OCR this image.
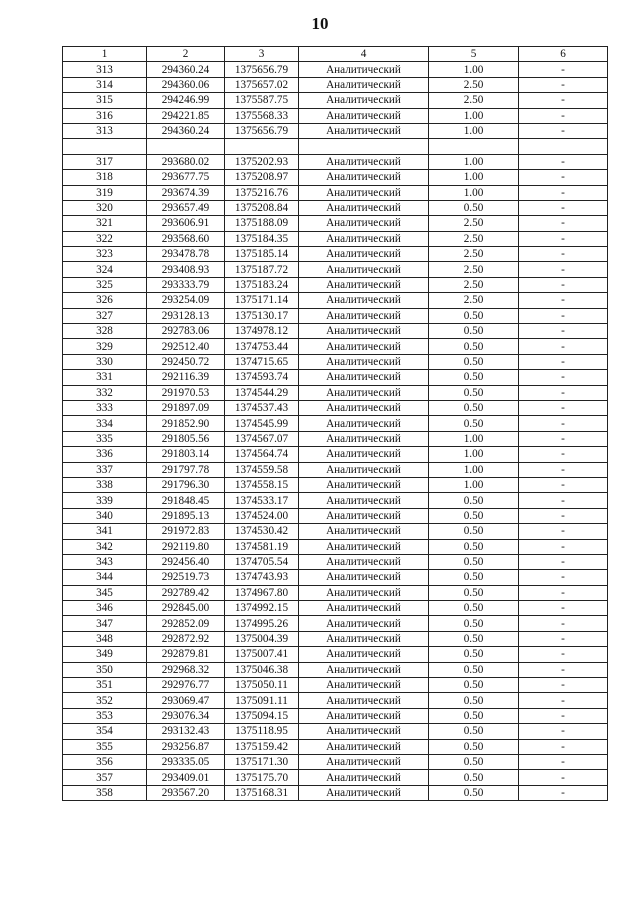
10
1	2	3	4	5	6
313	294360.24	1375656.79	Аналитический	1.00	-
314	294360.06	1375657.02	Аналитический	2.50	-
315	294246.99	1375587.75	Аналитический	2.50	-
316	294221.85	1375568.33	Аналитический	1.00	-
313	294360.24	1375656.79	Аналитический	1.00	-

317	293680.02	1375202.93	Аналитический	1.00	-
318	293677.75	1375208.97	Аналитический	1.00	-
319	293674.39	1375216.76	Аналитический	1.00	-
320	293657.49	1375208.84	Аналитический	0.50	-
321	293606.91	1375188.09	Аналитический	2.50	-
322	293568.60	1375184.35	Аналитический	2.50	-
323	293478.78	1375185.14	Аналитический	2.50	-
324	293408.93	1375187.72	Аналитический	2.50	-
325	293333.79	1375183.24	Аналитический	2.50	-
326	293254.09	1375171.14	Аналитический	2.50	-
327	293128.13	1375130.17	Аналитический	0.50	-
328	292783.06	1374978.12	Аналитический	0.50	-
329	292512.40	1374753.44	Аналитический	0.50	-
330	292450.72	1374715.65	Аналитический	0.50	-
331	292116.39	1374593.74	Аналитический	0.50	-
332	291970.53	1374544.29	Аналитический	0.50	-
333	291897.09	1374537.43	Аналитический	0.50	-
334	291852.90	1374545.99	Аналитический	0.50	-
335	291805.56	1374567.07	Аналитический	1.00	-
336	291803.14	1374564.74	Аналитический	1.00	-
337	291797.78	1374559.58	Аналитический	1.00	-
338	291796.30	1374558.15	Аналитический	1.00	-
339	291848.45	1374533.17	Аналитический	0.50	-
340	291895.13	1374524.00	Аналитический	0.50	-
341	291972.83	1374530.42	Аналитический	0.50	-
342	292119.80	1374581.19	Аналитический	0.50	-
343	292456.40	1374705.54	Аналитический	0.50	-
344	292519.73	1374743.93	Аналитический	0.50	-
345	292789.42	1374967.80	Аналитический	0.50	-
346	292845.00	1374992.15	Аналитический	0.50	-
347	292852.09	1374995.26	Аналитический	0.50	-
348	292872.92	1375004.39	Аналитический	0.50	-
349	292879.81	1375007.41	Аналитический	0.50	-
350	292968.32	1375046.38	Аналитический	0.50	-
351	292976.77	1375050.11	Аналитический	0.50	-
352	293069.47	1375091.11	Аналитический	0.50	-
353	293076.34	1375094.15	Аналитический	0.50	-
354	293132.43	1375118.95	Аналитический	0.50	-
355	293256.87	1375159.42	Аналитический	0.50	-
356	293335.05	1375171.30	Аналитический	0.50	-
357	293409.01	1375175.70	Аналитический	0.50	-
358	293567.20	1375168.31	Аналитический	0.50	-
